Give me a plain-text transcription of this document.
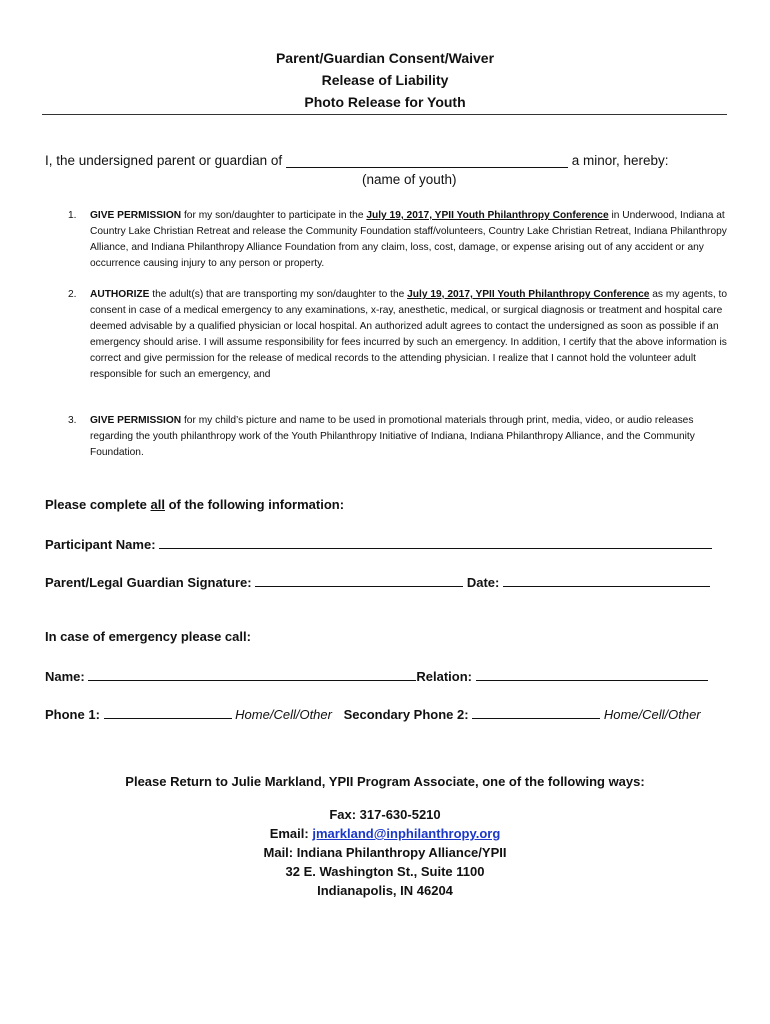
Parent/Guardian Consent/Waiver
Release of Liability
Photo Release for Youth
I, the undersigned parent or guardian of	a minor, hereby:
(name of youth)
1. GIVE PERMISSION for my son/daughter to participate in the July 19, 2017, YPII Youth Philanthropy Conference in Underwood, Indiana at Country Lake Christian Retreat and release the Community Foundation staff/volunteers, Country Lake Christian Retreat, Indiana Philanthropy Alliance, and Indiana Philanthropy Alliance Foundation from any claim, loss, cost, damage, or expense arising out of any accident or any occurrence causing injury to any person or property.
2. AUTHORIZE the adult(s) that are transporting my son/daughter to the July 19, 2017, YPII Youth Philanthropy Conference as my agents, to consent in case of a medical emergency to any examinations, x-ray, anesthetic, medical, or surgical diagnosis or treatment and hospital care deemed advisable by a qualified physician or local hospital. An authorized adult agrees to contact the undersigned as soon as possible if an emergency should arise. I will assume responsibility for fees incurred by such an emergency. In addition, I certify that the above information is correct and give permission for the release of medical records to the attending physician. I realize that I cannot hold the volunteer adult responsible for such an emergency, and
3. GIVE PERMISSION for my child’s picture and name to be used in promotional materials through print, media, video, or audio releases regarding the youth philanthropy work of the Youth Philanthropy Initiative of Indiana, Indiana Philanthropy Alliance, and the Community Foundation.
Please complete all of the following information:
Participant Name:
Parent/Legal Guardian Signature:	Date:
In case of emergency please call:
Name:	Relation:
Phone 1:	Home/Cell/Other Secondary Phone 2:	Home/Cell/Other
Please Return to Julie Markland, YPII Program Associate, one of the following ways:
Fax: 317-630-5210
Email: jmarkland@inphilanthropy.org
Mail: Indiana Philanthropy Alliance/YPII
32 E. Washington St., Suite 1100
Indianapolis, IN 46204
